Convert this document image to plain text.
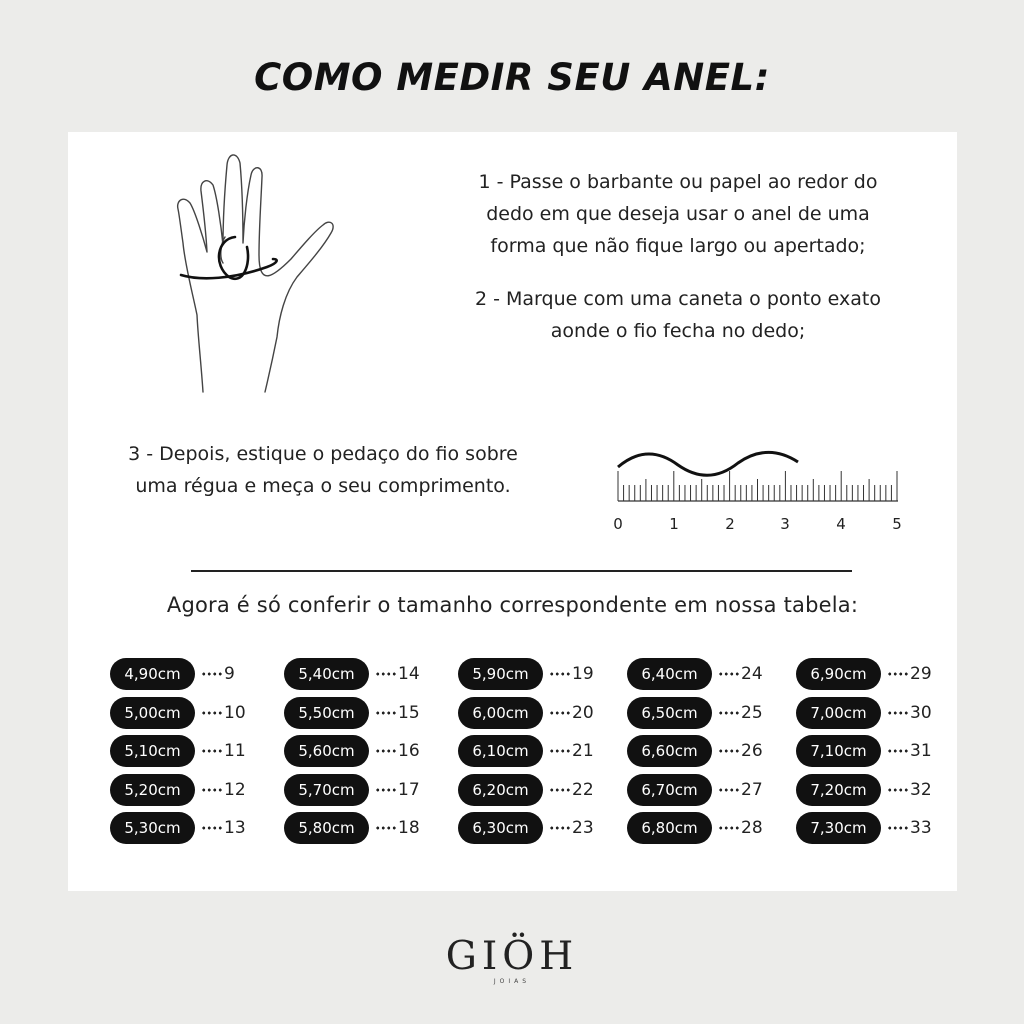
COMO MEDIR SEU ANEL:
1 - Passe o barbante ou papel ao redor do
dedo em que deseja usar o anel de uma
forma que não fique largo ou apertado;
2 - Marque com uma caneta o ponto exato
aonde o fio fecha no dedo;
3 - Depois, estique o pedaço do fio sobre
uma régua e meça o seu comprimento.
0	1	2	3	4	5
Agora é só conferir o tamanho correspondente em nossa tabela:
4,90cm	9
5,00cm	10
5,10cm	11
5,20cm	12
5,30cm	13
5,40cm	14
5,50cm	15
5,60cm	16
5,70cm	17
5,80cm	18
5,90cm	19
6,00cm	20
6,10cm	21
6,20cm	22
6,30cm	23
6,40cm	24
6,50cm	25
6,60cm	26
6,70cm	27
6,80cm	28
6,90cm	29
7,00cm	30
7,10cm	31
7,20cm	32
7,30cm	33
GIÖH
JOIAS
